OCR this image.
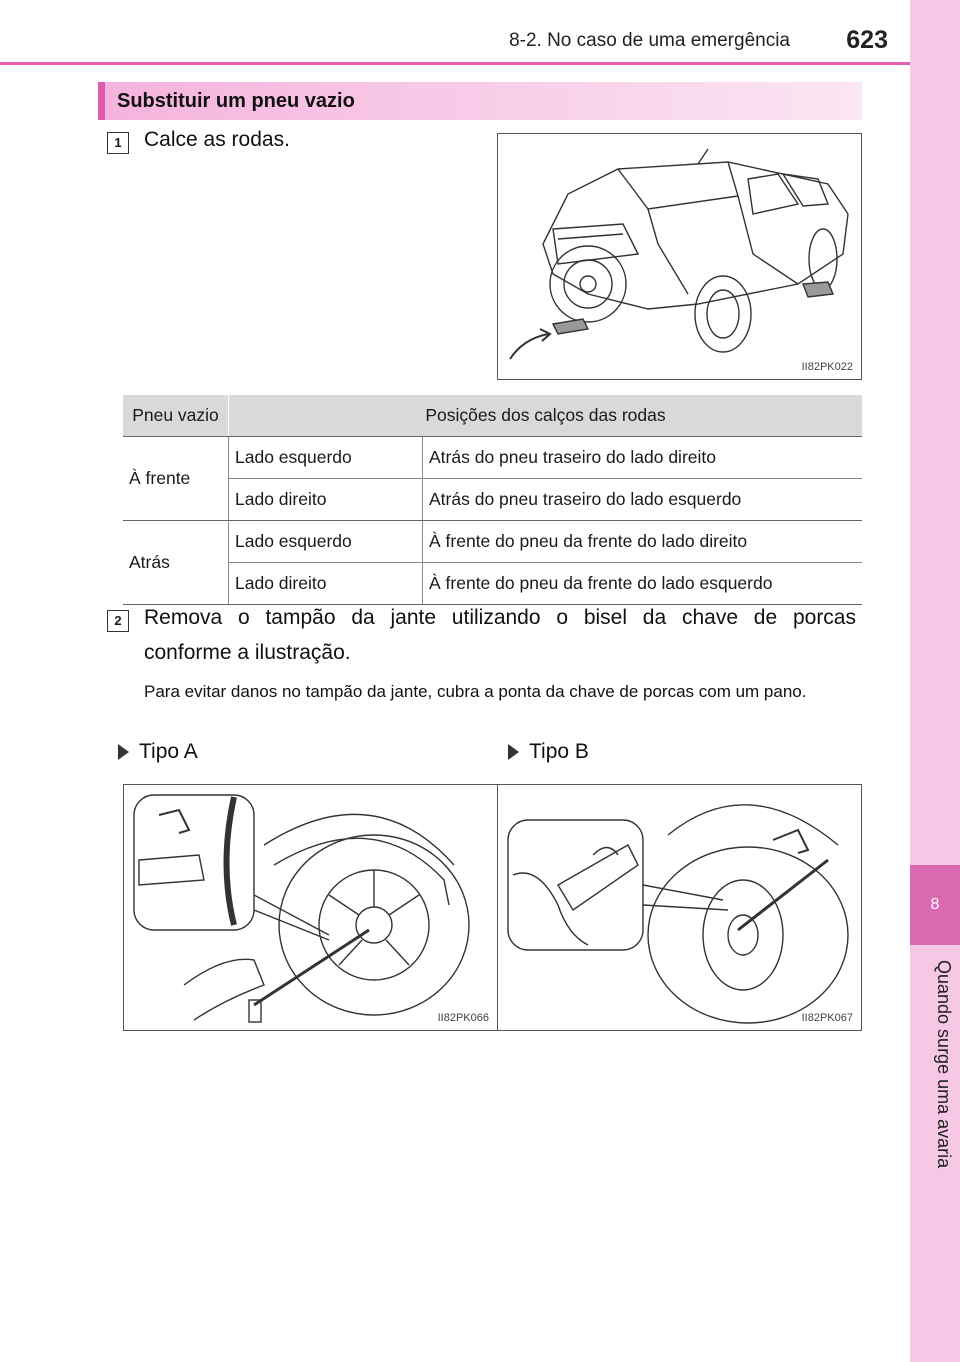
8-2. No caso de uma emergência 623
8
Quando surge uma avaria
Substituir um pneu vazio
1	Calce as rodas.
II82PK022
Pneu vazio	Posições dos calços das rodas	
À frente	Lado esquerdo	Atrás do pneu traseiro do lado direito
	Lado direito	Atrás do pneu traseiro do lado esquerdo
Atrás	Lado esquerdo	À frente do pneu da frente do lado direito
	Lado direito	À frente do pneu da frente do lado esquerdo
2	Remova o tampão da jante utilizando o bisel da chave de porcas
conforme a ilustração.
Para evitar danos no tampão da jante, cubra a ponta da chave de porcas com um pano.
Tipo A	Tipo B
II82PK066	II82PK067
